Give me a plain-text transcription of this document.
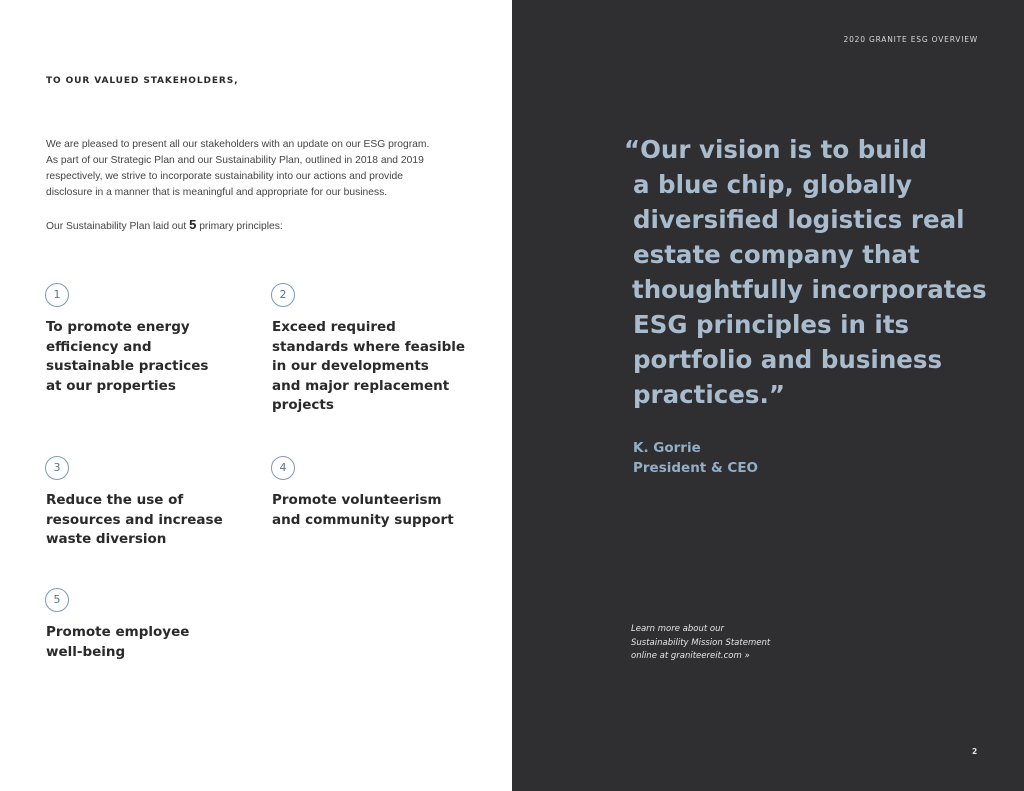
TO OUR VALUED STAKEHOLDERS,
We are pleased to present all our stakeholders with an update on our ESG program.
As part of our Strategic Plan and our Sustainability Plan, outlined in 2018 and 2019
respectively, we strive to incorporate sustainability into our actions and provide
disclosure in a manner that is meaningful and appropriate for our business.
Our Sustainability Plan laid out 5 primary principles:
1
To promote energy
efficiency and
sustainable practices
at our properties
2
Exceed required
standards where feasible
in our developments
and major replacement
projects
3
Reduce the use of
resources and increase
waste diversion
4
Promote volunteerism
and community support
5
Promote employee
well-being
2020 GRANITE ESG OVERVIEW
“Our vision is to build
a blue chip, globally
diversified logistics real
estate company that
thoughtfully incorporates
ESG principles in its
portfolio and business
practices.”
K. Gorrie
President & CEO
Learn more about our
Sustainability Mission Statement
online at graniteereit.com »
2
